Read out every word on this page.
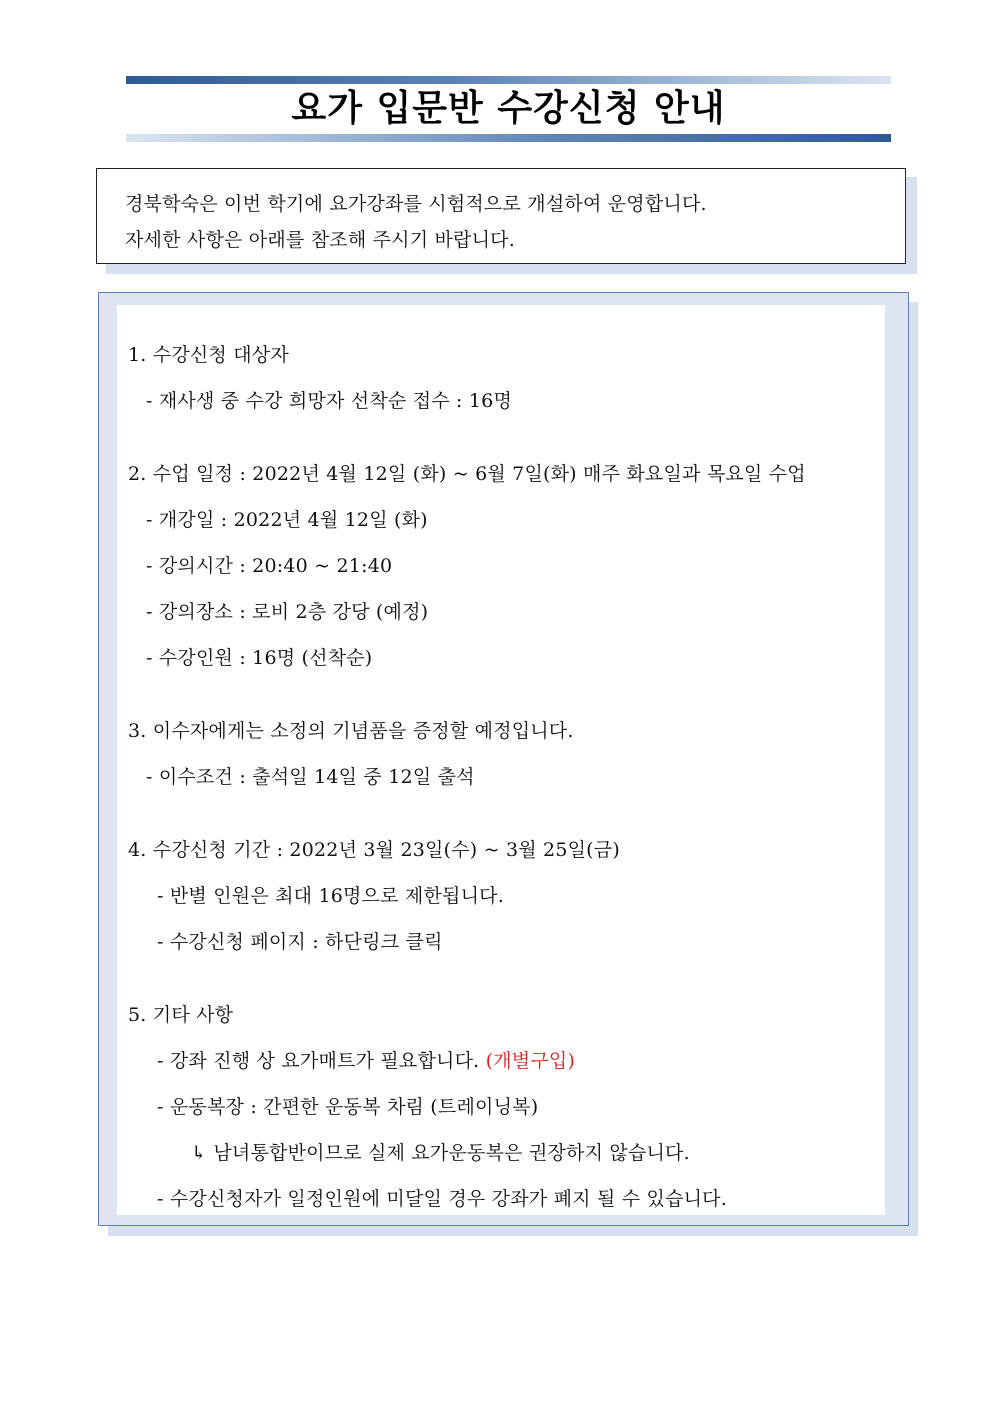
요가 입문반 수강신청 안내

경북학숙은 이번 학기에 요가강좌를 시험적으로 개설하여 운영합니다.

자세한 사항은 아래를 참조해 주시기 바랍니다.

1. 수강신청 대상자

- 재사생 중 수강 희망자 선착순 접수 : 16명

2. 수업 일정 : 2022년 4월 12일 (화) ~ 6월 7일(화) 매주 화요일과 목요일 수업

- 개강일 : 2022년 4월 12일 (화)

- 강의시간 : 20:40 ~ 21:40

- 강의장소 : 로비 2층 강당 (예정)

- 수강인원 : 16명 (선착순)

3. 이수자에게는 소정의 기념품을 증정할 예정입니다.

- 이수조건 : 출석일 14일 중 12일 출석

4. 수강신청 기간 : 2022년 3월 23일(수) ~ 3월 25일(금)

- 반별 인원은 최대 16명으로 제한됩니다.

- 수강신청 페이지 : 하단링크 클릭

5. 기타 사항

- 강좌 진행 상 요가매트가 필요합니다. (개별구입)

- 운동복장 : 간편한 운동복 차림 (트레이닝복)

↳ 남녀통합반이므로 실제 요가운동복은 권장하지 않습니다.

- 수강신청자가 일정인원에 미달일 경우 강좌가 폐지 될 수 있습니다.
